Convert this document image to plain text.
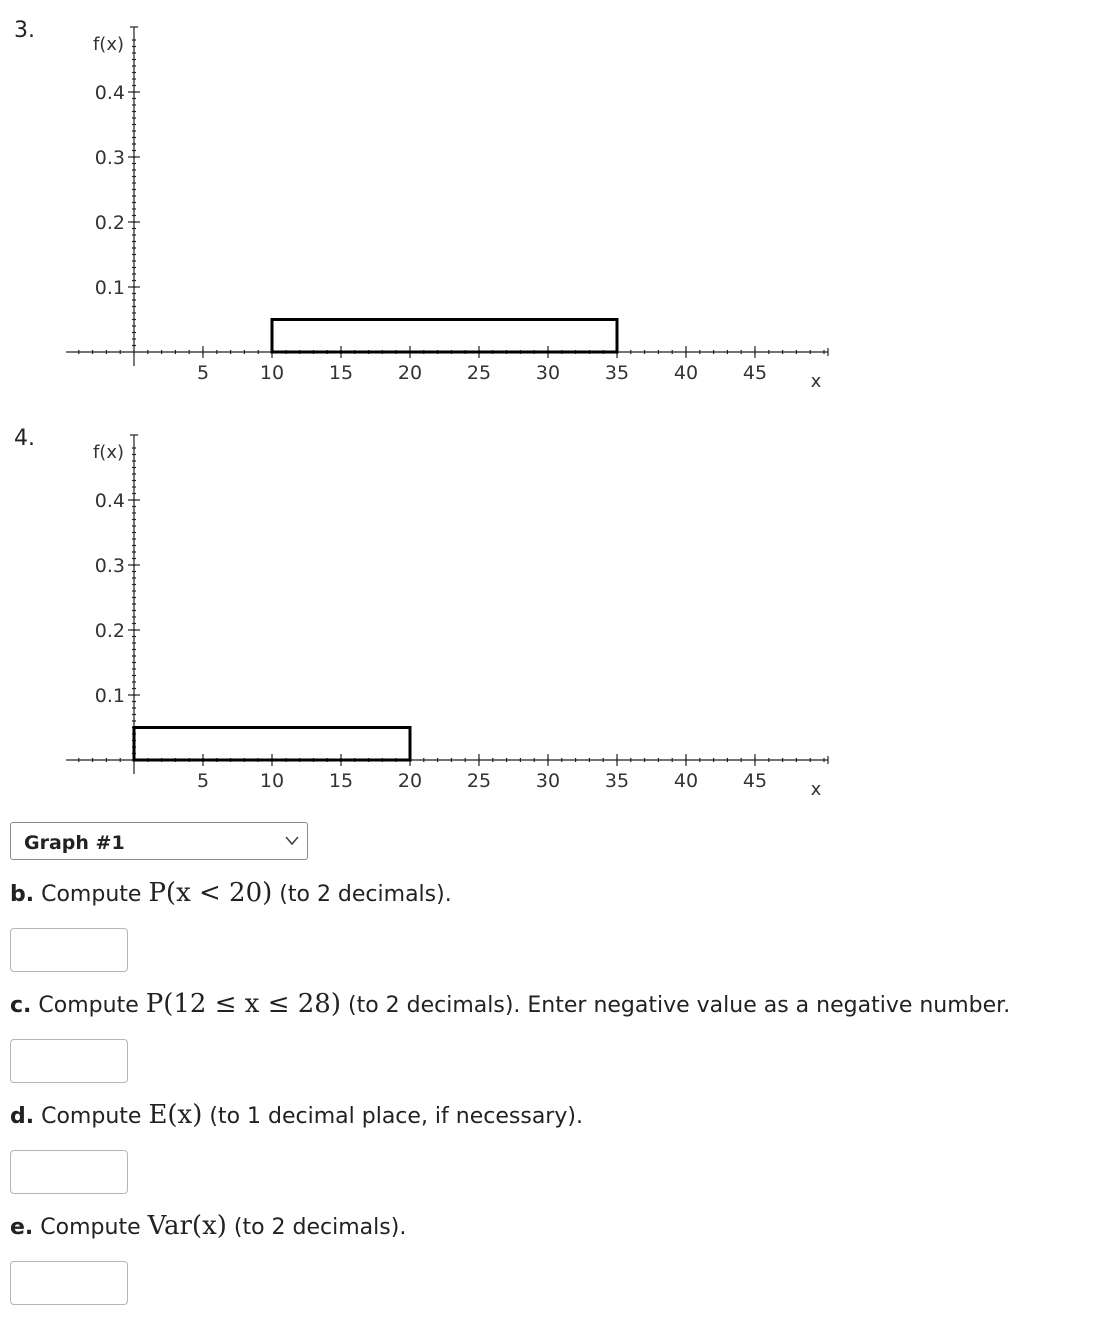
3.
0.1
0.2
0.3
0.4
5	10 15 20 25 30 35 40 45
f(x)
x
4.
0.1
0.2
0.3
0.4
5	10 15 20 25 30 35 40 45
f(x)
x
Graph #1
b. Compute P(x < 20) (to 2 decimals).
c. Compute P(12 ≤ x ≤ 28) (to 2 decimals). Enter negative value as a negative number.
d. Compute E(x) (to 1 decimal place, if necessary).
e. Compute Var(x) (to 2 decimals).
